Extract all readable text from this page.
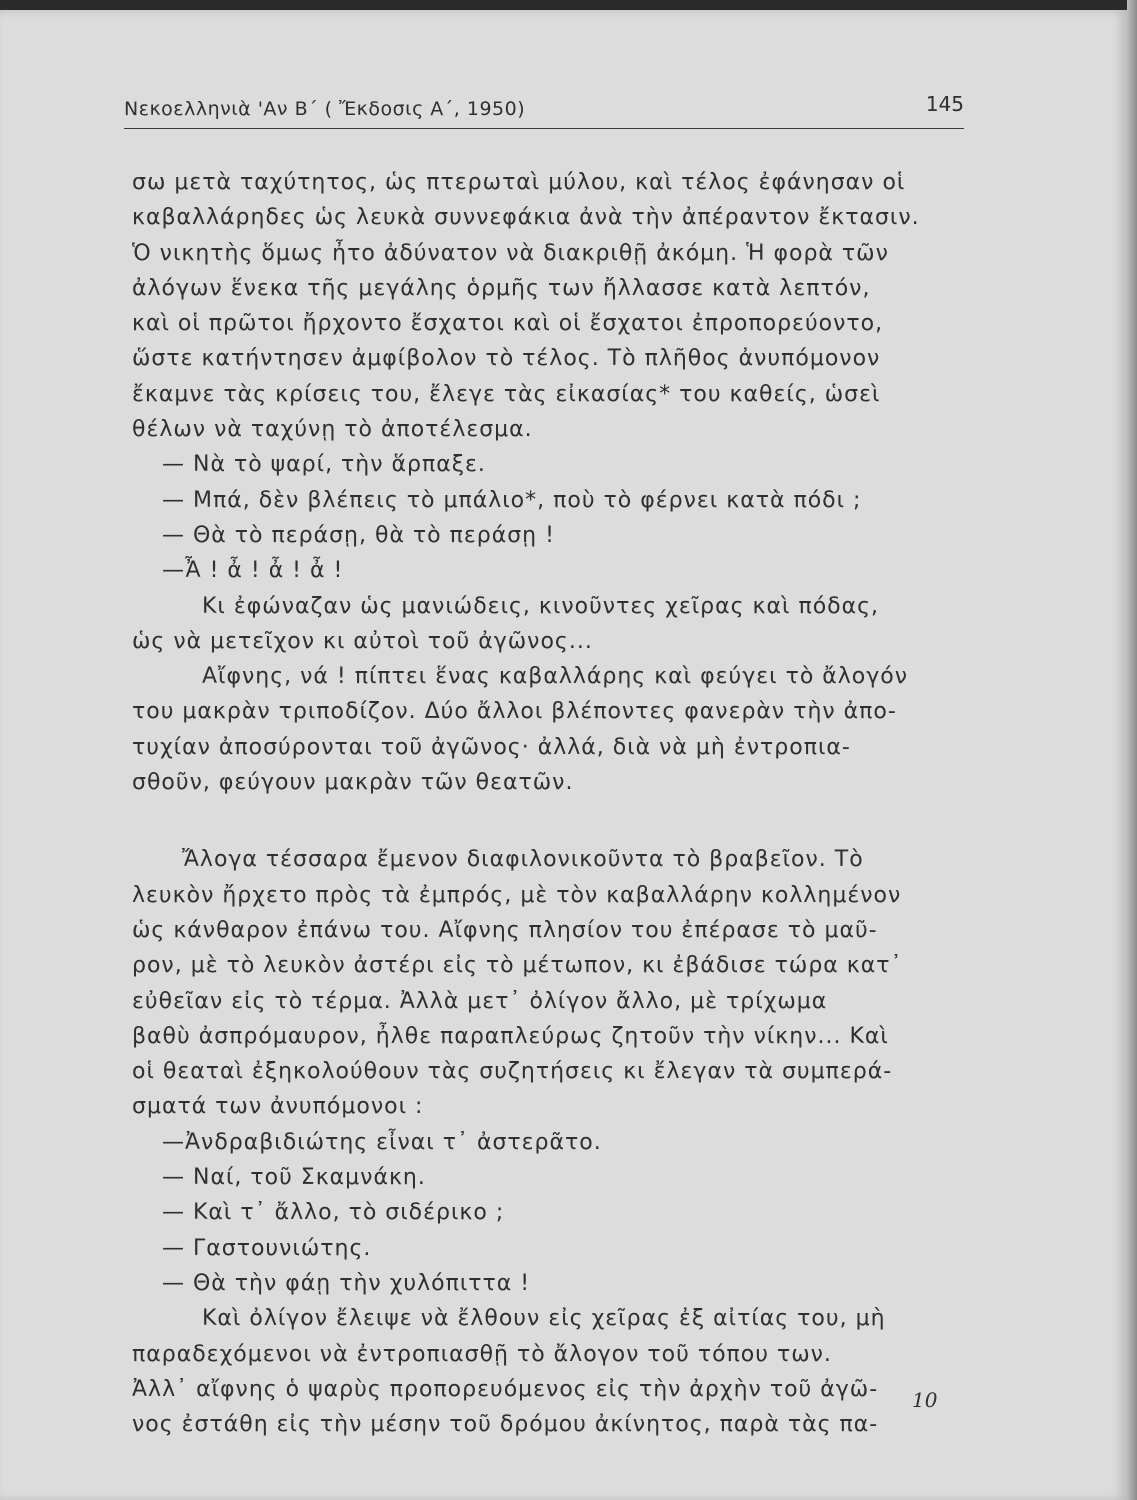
Νεκοελληνιὰ 'Αν Β΄ ( Ἔκδοσις Α΄, 1950)	145
σω μετὰ ταχύτητος, ὡς πτερωταὶ μύλου, καὶ τέλος ἐφάνησαν οἱ
καβαλλάρηδες ὡς λευκὰ συννεφάκια ἀνὰ τὴν ἀπέραντον ἔκτασιν.
Ὁ νικητὴς ὅμως ἦτο ἀδύνατον νὰ διακριθῇ ἀκόμη. Ἡ φορὰ τῶν
ἀλόγων ἕνεκα τῆς μεγάλης ὁρμῆς των ἤλλασσε κατὰ λεπτόν,
καὶ οἱ πρῶτοι ἤρχοντο ἔσχατοι καὶ οἱ ἔσχατοι ἐπροπορεύοντο,
ὥστε κατήντησεν ἀμφίβολον τὸ τέλος. Τὸ πλῆθος ἀνυπόμονον
ἔκαμνε τὰς κρίσεις του, ἔλεγε τὰς εἰκασίας* του καθείς, ὡσεὶ
θέλων νὰ ταχύνῃ τὸ ἀποτέλεσμα.
— Νὰ τὸ ψαρί, τὴν ἅρπαξε.
— Μπά, δὲν βλέπεις τὸ μπάλιο*, ποὺ τὸ φέρνει κατὰ πόδι ;
— Θὰ τὸ περάσῃ, θὰ τὸ περάσῃ !
—Ἆ ! ἆ ! ἆ ! ἆ !
Κι ἐφώναζαν ὡς μανιώδεις, κινοῦντες χεῖρας καὶ πόδας,
ὡς νὰ μετεῖχον κι αὐτοὶ τοῦ ἀγῶνος...
Αἴφνης, νά ! πίπτει ἕνας καβαλλάρης καὶ φεύγει τὸ ἄλογόν
του μακρὰν τριποδίζον. Δύο ἄλλοι βλέποντες φανερὰν τὴν ἀπο-
τυχίαν ἀποσύρονται τοῦ ἀγῶνος· ἀλλά, διὰ νὰ μὴ ἐντροπια-
σθοῦν, φεύγουν μακρὰν τῶν θεατῶν.
Ἄλογα τέσσαρα ἔμενον διαφιλονικοῦντα τὸ βραβεῖον. Τὸ
λευκὸν ἤρχετο πρὸς τὰ ἐμπρός, μὲ τὸν καβαλλάρην κολλημένον
ὡς κάνθαρον ἐπάνω του. Αἴφνης πλησίον του ἐπέρασε τὸ μαῦ-
ρον, μὲ τὸ λευκὸν ἀστέρι εἰς τὸ μέτωπον, κι ἐβάδισε τώρα κατ᾽
εὐθεῖαν εἰς τὸ τέρμα. Ἀλλὰ μετ᾽ ὀλίγον ἄλλο, μὲ τρίχωμα
βαθὺ ἀσπρόμαυρον, ἦλθε παραπλεύρως ζητοῦν τὴν νίκην... Καὶ
οἱ θεαταὶ ἐξηκολούθουν τὰς συζητήσεις κι ἔλεγαν τὰ συμπερά-
σματά των ἀνυπόμονοι :
—Ἀνδραβιδιώτης εἶναι τ᾽ ἀστερᾶτο.
— Ναί, τοῦ Σκαμνάκη.
— Καὶ τ᾽ ἄλλο, τὸ σιδέρικο ;
— Γαστουνιώτης.
— Θὰ τὴν φάῃ τὴν χυλόπιττα !
Καὶ ὀλίγον ἔλειψε νὰ ἔλθουν εἰς χεῖρας ἐξ αἰτίας του, μὴ
παραδεχόμενοι νὰ ἐντροπιασθῇ τὸ ἄλογον τοῦ τόπου των.
Ἀλλ᾽ αἴφνης ὁ ψαρὺς προπορευόμενος εἰς τὴν ἀρχὴν τοῦ ἀγῶ-
νος ἐστάθη εἰς τὴν μέσην τοῦ δρόμου ἀκίνητος, παρὰ τὰς πα-
10
